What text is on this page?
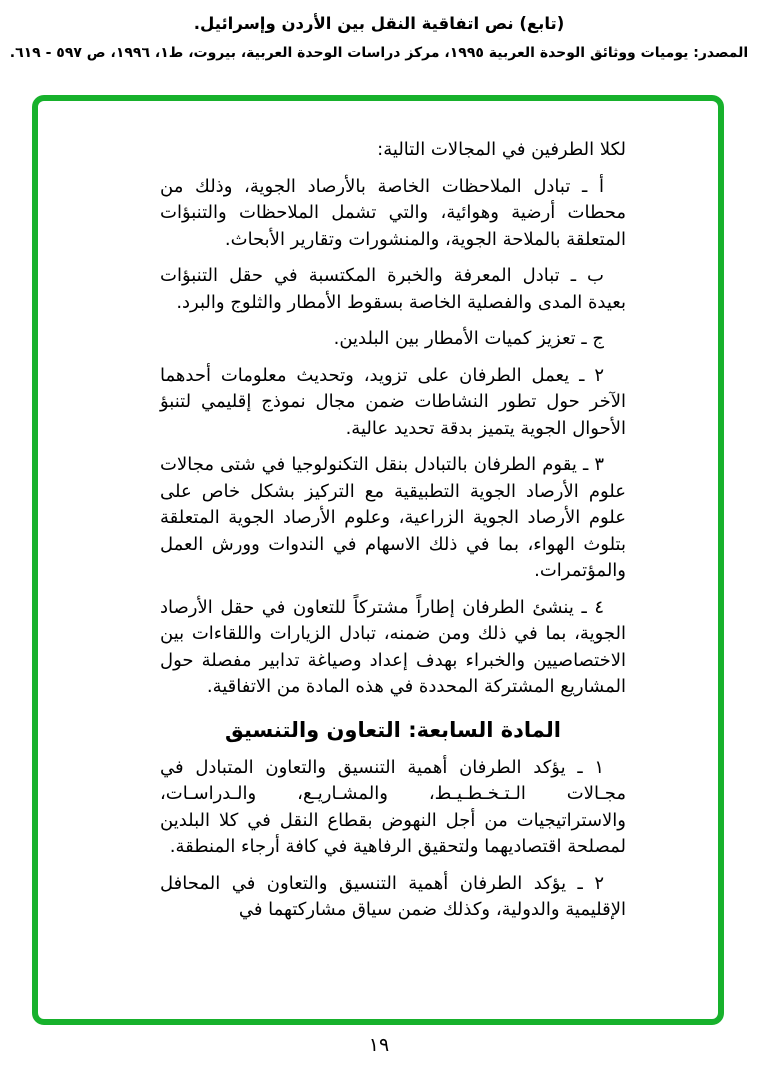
(تابع) نص اتفاقية النقل بين الأردن وإسرائيل.
المصدر: يوميات ووثائق الوحدة العربية ١٩٩٥، مركز دراسات الوحدة العربية، بيروت، ط١، ١٩٩٦، ص ٥٩٧ - ٦١٩.

لكلا الطرفين في المجالات التالية:

أ ـ تبادل الملاحظات الخاصة بالأرصاد الجوية، وذلك من محطات أرضية وهوائية، والتي تشمل الملاحظات والتنبؤات المتعلقة بالملاحة الجوية، والمنشورات وتقارير الأبحاث.

ب ـ تبادل المعرفة والخبرة المكتسبة في حقل التنبؤات بعيدة المدى والفصلية الخاصة بسقوط الأمطار والثلوج والبرد.

ج ـ تعزيز كميات الأمطار بين البلدين.

٢ ـ يعمل الطرفان على تزويد، وتحديث معلومات أحدهما الآخر حول تطور النشاطات ضمن مجال نموذج إقليمي لتنبؤ الأحوال الجوية يتميز بدقة تحديد عالية.

٣ ـ يقوم الطرفان بالتبادل بنقل التكنولوجيا في شتى مجالات علوم الأرصاد الجوية التطبيقية مع التركيز بشكل خاص على علوم الأرصاد الجوية الزراعية، وعلوم الأرصاد الجوية المتعلقة بتلوث الهواء، بما في ذلك الاسهام في الندوات وورش العمل والمؤتمرات.

٤ ـ ينشئ الطرفان إطاراً مشتركاً للتعاون في حقل الأرصاد الجوية، بما في ذلك ومن ضمنه، تبادل الزيارات واللقاءات بين الاختصاصيين والخبراء بهدف إعداد وصياغة تدابير مفصلة حول المشاريع المشتركة المحددة في هذه المادة من الاتفاقية.

المادة السابعة: التعاون والتنسيق

١ ـ يؤكد الطرفان أهمية التنسيق والتعاون المتبادل في مجـالات الـتـخـطـيـط، والمشـاريـع، والـدراسـات، والاستراتيجيات من أجل النهوض بقطاع النقل في كلا البلدين لمصلحة اقتصاديهما ولتحقيق الرفاهية في كافة أرجاء المنطقة.

٢ ـ يؤكد الطرفان أهمية التنسيق والتعاون في المحافل الإقليمية والدولية، وكذلك ضمن سياق مشاركتهما في

١٩
